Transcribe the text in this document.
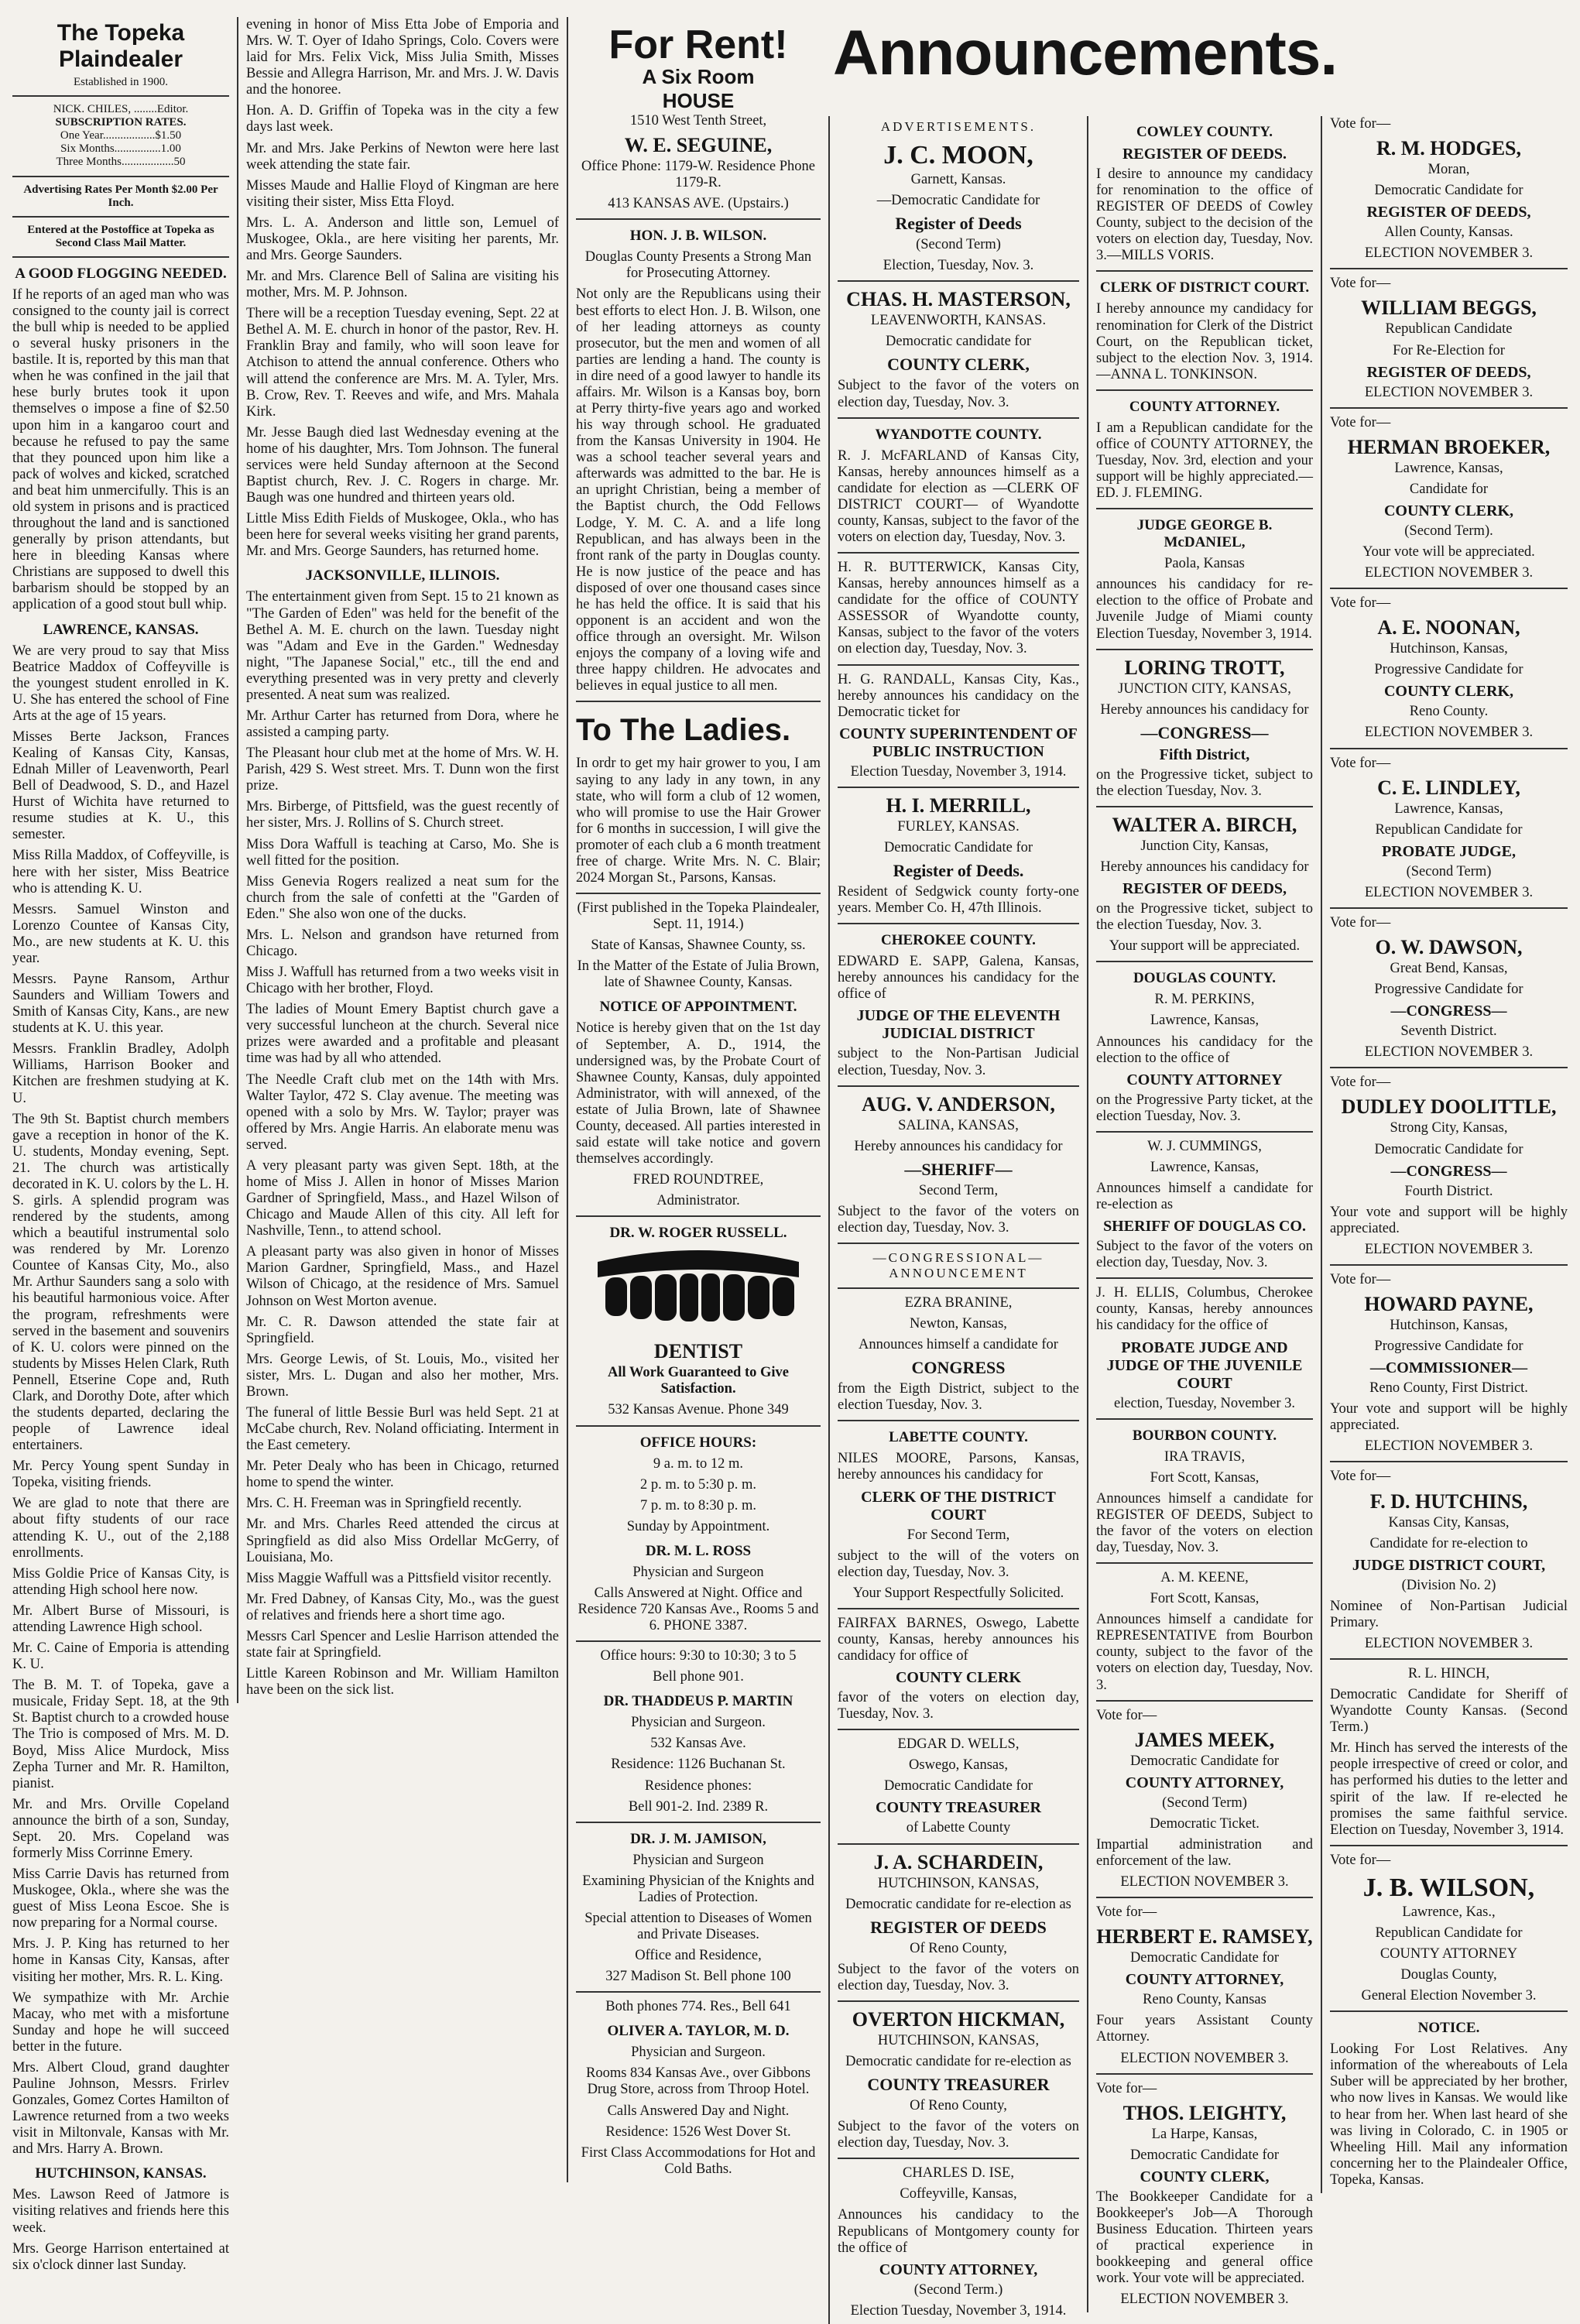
The Topeka Plaindealer

Established in 1900.

NICK. CHILES, ........Editor.

SUBSCRIPTION RATES.

One Year..................$1.50

Six Months................1.00

Three Months..................50

Advertising Rates Per Month $2.00 Per Inch.

Entered at the Postoffice at Topeka as Second Class Mail Matter.

A GOOD FLOGGING NEEDED.

If he reports of an aged man who was consigned to the county jail is correct the bull whip is needed to be applied o several husky prisoners in the bastile. It is, reported by this man that when he was confined in the jail that hese burly brutes took it upon themselves o impose a fine of $2.50 upon him in a kangaroo court and because he refused to pay the same that they pounced upon him like a pack of wolves and kicked, scratched and beat him unmercifully. This is an old system in prisons and is practiced throughout the land and is sanctioned generally by prison attendants, but here in bleeding Kansas where Christians are supposed to dwell this barbarism should be stopped by an application of a good stout bull whip.

LAWRENCE, KANSAS.

We are very proud to say that Miss Beatrice Maddox of Coffeyville is the youngest student enrolled in K. U. She has entered the school of Fine Arts at the age of 15 years.

Misses Berte Jackson, Frances Kealing of Kansas City, Kansas, Ednah Miller of Leavenworth, Pearl Bell of Deadwood, S. D., and Hazel Hurst of Wichita have returned to resume studies at K. U., this semester.

Miss Rilla Maddox, of Coffeyville, is here with her sister, Miss Beatrice who is attending K. U.

Messrs. Samuel Winston and Lorenzo Countee of Kansas City, Mo., are new students at K. U. this year.

Messrs. Payne Ransom, Arthur Saunders and William Towers and Smith of Kansas City, Kans., are new students at K. U. this year.

Messrs. Franklin Bradley, Adolph Williams, Harrison Booker and Kitchen are freshmen studying at K. U.

The 9th St. Baptist church members gave a reception in honor of the K. U. students, Monday evening, Sept. 21. The church was artistically decorated in K. U. colors by the L. H. S. girls. A splendid program was rendered by the students, among which a beautiful instrumental solo was rendered by Mr. Lorenzo Countee of Kansas City, Mo., also Mr. Arthur Saunders sang a solo with his beautiful harmonious voice. After the program, refreshments were served in the basement and souvenirs of K. U. colors were pinned on the students by Misses Helen Clark, Ruth Pennell, Etserine Cope and, Ruth Clark, and Dorothy Dote, after which the students departed, declaring the people of Lawrence ideal entertainers.

Mr. Percy Young spent Sunday in Topeka, visiting friends.

We are glad to note that there are about fifty students of our race attending K. U., out of the 2,188 enrollments.

Miss Goldie Price of Kansas City, is attending High school here now.

Mr. Albert Burse of Missouri, is attending Lawrence High school.

Mr. C. Caine of Emporia is attending K. U.

The B. M. T. of Topeka, gave a musicale, Friday Sept. 18, at the 9th St. Baptist church to a crowded house The Trio is composed of Mrs. M. D. Boyd, Miss Alice Murdock, Miss Zepha Turner and Mr. R. Hamilton, pianist.

Mr. and Mrs. Orville Copeland announce the birth of a son, Sunday, Sept. 20. Mrs. Copeland was formerly Miss Corrinne Emery.

Miss Carrie Davis has returned from Muskogee, Okla., where she was the guest of Miss Leona Escoe. She is now preparing for a Normal course.

Mrs. J. P. King has returned to her home in Kansas City, Kansas, after visiting her mother, Mrs. R. L. King.

We sympathize with Mr. Archie Macay, who met with a misfortune Sunday and hope he will succeed better in the future.

Mrs. Albert Cloud, grand daughter Pauline Johnson, Messrs. Frirlev Gonzales, Gomez Cortes Hamilton of Lawrence returned from a two weeks visit in Miltonvale, Kansas with Mr. and Mrs. Harry A. Brown.

HUTCHINSON, KANSAS.

Mes. Lawson Reed of Jatmore is visiting relatives and friends here this week.

Mrs. George Harrison entertained at six o'clock dinner last Sunday.

evening in honor of Miss Etta Jobe of Emporia and Mrs. W. T. Oyer of Idaho Springs, Colo. Covers were laid for Mrs. Felix Vick, Miss Julia Smith, Misses Bessie and Allegra Harrison, Mr. and Mrs. J. W. Davis and the honoree.

Hon. A. D. Griffin of Topeka was in the city a few days last week.

Mr. and Mrs. Jake Perkins of Newton were here last week attending the state fair.

Misses Maude and Hallie Floyd of Kingman are here visiting their sister, Miss Etta Floyd.

Mrs. L. A. Anderson and little son, Lemuel of Muskogee, Okla., are here visiting her parents, Mr. and Mrs. George Saunders.

Mr. and Mrs. Clarence Bell of Salina are visiting his mother, Mrs. M. P. Johnson.

There will be a reception Tuesday evening, Sept. 22 at Bethel A. M. E. church in honor of the pastor, Rev. H. Franklin Bray and family, who will soon leave for Atchison to attend the annual conference. Others who will attend the conference are Mrs. M. A. Tyler, Mrs. B. Crow, Rev. T. Reeves and wife, and Mrs. Mahala Kirk.

Mr. Jesse Baugh died last Wednesday evening at the home of his daughter, Mrs. Tom Johnson. The funeral services were held Sunday afternoon at the Second Baptist church, Rev. J. C. Rogers in charge. Mr. Baugh was one hundred and thirteen years old.

Little Miss Edith Fields of Muskogee, Okla., who has been here for several weeks visiting her grand parents, Mr. and Mrs. George Saunders, has returned home.

JACKSONVILLE, ILLINOIS.

The entertainment given from Sept. 15 to 21 known as "The Garden of Eden" was held for the benefit of the Bethel A. M. E. church on the lawn. Tuesday night was "Adam and Eve in the Garden." Wednesday night, "The Japanese Social," etc., till the end and everything presented was in very pretty and cleverly presented. A neat sum was realized.

Mr. Arthur Carter has returned from Dora, where he assisted a camping party.

The Pleasant hour club met at the home of Mrs. W. H. Parish, 429 S. West street. Mrs. T. Dunn won the first prize.

Mrs. Birberge, of Pittsfield, was the guest recently of her sister, Mrs. J. Rollins of S. Church street.

Miss Dora Waffull is teaching at Carso, Mo. She is well fitted for the position.

Miss Genevia Rogers realized a neat sum for the church from the sale of confetti at the "Garden of Eden." She also won one of the ducks.

Mrs. L. Nelson and grandson have returned from Chicago.

Miss J. Waffull has returned from a two weeks visit in Chicago with her brother, Floyd.

The ladies of Mount Emery Baptist church gave a very successful luncheon at the church. Several nice prizes were awarded and a profitable and pleasant time was had by all who attended.

The Needle Craft club met on the 14th with Mrs. Walter Taylor, 472 S. Clay avenue. The meeting was opened with a solo by Mrs. W. Taylor; prayer was offered by Mrs. Angie Harris. An elaborate menu was served.

A very pleasant party was given Sept. 18th, at the home of Miss J. Allen in honor of Misses Marion Gardner of Springfield, Mass., and Hazel Wilson of Chicago and Maude Allen of this city. All left for Nashville, Tenn., to attend school.

A pleasant party was also given in honor of Misses Marion Gardner, Springfield, Mass., and Hazel Wilson of Chicago, at the residence of Mrs. Samuel Johnson on West Morton avenue.

Mr. C. R. Dawson attended the state fair at Springfield.

Mrs. George Lewis, of St. Louis, Mo., visited her sister, Mrs. L. Dugan and also her mother, Mrs. Brown.

The funeral of little Bessie Burl was held Sept. 21 at McCabe church, Rev. Noland officiating. Interment in the East cemetery.

Mr. Peter Dealy who has been in Chicago, returned home to spend the winter.

Mrs. C. H. Freeman was in Springfield recently.

Mr. and Mrs. Charles Reed attended the circus at Springfield as did also Miss Ordellar McGerry, of Louisiana, Mo.

Miss Maggie Waffull was a Pittsfield visitor recently.

Mr. Fred Dabney, of Kansas City, Mo., was the guest of relatives and friends here a short time ago.

Messrs Carl Spencer and Leslie Harrison attended the state fair at Springfield.

Little Kareen Robinson and Mr. William Hamilton have been on the sick list.

For Rent!
A Six Room
HOUSE

1510 West Tenth Street,

W. E. SEGUINE,

Office Phone: 1179-W. Residence Phone 1179-R.

413 KANSAS AVE. (Upstairs.)

HON. J. B. WILSON.

Douglas County Presents a Strong Man for Prosecuting Attorney.

Not only are the Republicans using their best efforts to elect Hon. J. B. Wilson, one of her leading attorneys as county prosecutor, but the men and women of all parties are lending a hand. The county is in dire need of a good lawyer to handle its affairs. Mr. Wilson is a Kansas boy, born at Perry thirty-five years ago and worked his way through school. He graduated from the Kansas University in 1904. He was a school teacher several years and afterwards was admitted to the bar. He is an upright Christian, being a member of the Baptist church, the Odd Fellows Lodge, Y. M. C. A. and a life long Republican, and has always been in the front rank of the party in Douglas county. He is now justice of the peace and has disposed of over one thousand cases since he has held the office. It is said that his opponent is an accident and won the office through an oversight. Mr. Wilson enjoys the company of a loving wife and three happy children. He advocates and believes in equal justice to all men.

To The Ladies.

In ordr to get my hair grower to you, I am saying to any lady in any town, in any state, who will form a club of 12 women, who will promise to use the Hair Grower for 6 months in succession, I will give the promoter of each club a 6 month treatment free of charge. Write Mrs. N. C. Blair; 2024 Morgan St., Parsons, Kansas.

(First published in the Topeka Plaindealer, Sept. 11, 1914.)

State of Kansas, Shawnee County, ss.

In the Matter of the Estate of Julia Brown, late of Shawnee County, Kansas.

NOTICE OF APPOINTMENT.

Notice is hereby given that on the 1st day of September, A. D., 1914, the undersigned was, by the Probate Court of Shawnee County, Kansas, duly appointed Administrator, with will annexed, of the estate of Julia Brown, late of Shawnee County, deceased. All parties interested in said estate will take notice and govern themselves accordingly.

FRED ROUNDTREE,

Administrator.

DR. W. ROGER RUSSELL.
DENTIST

All Work Guaranteed to Give Satisfaction.

532 Kansas Avenue. Phone 349

OFFICE HOURS:

9 a. m. to 12 m.

2 p. m. to 5:30 p. m.

7 p. m. to 8:30 p. m.

Sunday by Appointment.

DR. M. L. ROSS

Physician and Surgeon

Calls Answered at Night. Office and Residence 720 Kansas Ave., Rooms 5 and 6. PHONE 3387.

Office hours: 9:30 to 10:30; 3 to 5

Bell phone 901.

DR. THADDEUS P. MARTIN

Physician and Surgeon.

532 Kansas Ave.

Residence: 1126 Buchanan St.

Residence phones:

Bell 901-2. Ind. 2389 R.

DR. J. M. JAMISON,

Physician and Surgeon

Examining Physician of the Knights and Ladies of Protection.

Special attention to Diseases of Women and Private Diseases.

Office and Residence,

327 Madison St. Bell phone 100

Both phones 774. Res., Bell 641

OLIVER A. TAYLOR, M. D.

Physician and Surgeon.

Rooms 834 Kansas Ave., over Gibbons Drug Store, across from Throop Hotel.

Calls Answered Day and Night.

Residence: 1526 West Dover St.

First Class Accommodations for Hot and Cold Baths.

Announcements.
ADVERTISEMENTS.
J. C. MOON,

Garnett, Kansas.

—Democratic Candidate for

Register of Deeds

(Second Term)

Election, Tuesday, Nov. 3.

CHAS. H. MASTERSON,

LEAVENWORTH, KANSAS.

Democratic candidate for

COUNTY CLERK,

Subject to the favor of the voters on election day, Tuesday, Nov. 3.

WYANDOTTE COUNTY.

R. J. McFARLAND of Kansas City, Kansas, hereby announces himself as a candidate for election as —CLERK OF DISTRICT COURT— of Wyandotte county, Kansas, subject to the favor of the voters on election day, Tuesday, Nov. 3.

H. R. BUTTERWICK, Kansas City, Kansas, hereby announces himself as a candidate for the office of COUNTY ASSESSOR of Wyandotte county, Kansas, subject to the favor of the voters on election day, Tuesday, Nov. 3.

H. G. RANDALL, Kansas City, Kas., hereby announces his candidacy on the Democratic ticket for

COUNTY SUPERINTENDENT OF PUBLIC INSTRUCTION

Election Tuesday, November 3, 1914.

H. I. MERRILL,

FURLEY, KANSAS.

Democratic Candidate for

Register of Deeds.

Resident of Sedgwick county forty-one years. Member Co. H, 47th Illinois.

CHEROKEE COUNTY.

EDWARD E. SAPP, Galena, Kansas, hereby announces his candidacy for the office of

JUDGE OF THE ELEVENTH JUDICIAL DISTRICT

subject to the Non-Partisan Judicial election, Tuesday, Nov. 3.

AUG. V. ANDERSON,

SALINA, KANSAS,

Hereby announces his candidacy for

—SHERIFF—

Second Term,

Subject to the favor of the voters on election day, Tuesday, Nov. 3.

—CONGRESSIONAL— ANNOUNCEMENT

EZRA BRANINE,

Newton, Kansas,

Announces himself a candidate for

CONGRESS

from the Eigth District, subject to the election Tuesday, Nov. 3.

LABETTE COUNTY.

NILES MOORE, Parsons, Kansas, hereby announces his candidacy for

CLERK OF THE DISTRICT COURT

For Second Term,

subject to the will of the voters on election day, Tuesday, Nov. 3.

Your Support Respectfully Solicited.

FAIRFAX BARNES, Oswego, Labette county, Kansas, hereby announces his candidacy for office of

COUNTY CLERK

favor of the voters on election day, Tuesday, Nov. 3.

EDGAR D. WELLS,

Oswego, Kansas,

Democratic Candidate for

COUNTY TREASURER

of Labette County

J. A. SCHARDEIN,

HUTCHINSON, KANSAS,

Democratic candidate for re-election as

REGISTER OF DEEDS

Of Reno County,

Subject to the favor of the voters on election day, Tuesday, Nov. 3.

OVERTON HICKMAN,

HUTCHINSON, KANSAS,

Democratic candidate for re-election as

COUNTY TREASURER

Of Reno County,

Subject to the favor of the voters on election day, Tuesday, Nov. 3.

CHARLES D. ISE,

Coffeyville, Kansas,

Announces his candidacy to the Republicans of Montgomery county for the office of

COUNTY ATTORNEY,

(Second Term.)

Election Tuesday, November 3, 1914.

COWLEY COUNTY.
REGISTER OF DEEDS.

I desire to announce my candidacy for renomination to the office of REGISTER OF DEEDS of Cowley County, subject to the decision of the voters on election day, Tuesday, Nov. 3.—MILLS VORIS.

CLERK OF DISTRICT COURT.

I hereby announce my candidacy for renomination for Clerk of the District Court, on the Republican ticket, subject to the election Nov. 3, 1914.—ANNA L. TONKINSON.

COUNTY ATTORNEY.

I am a Republican candidate for the office of COUNTY ATTORNEY, the Tuesday, Nov. 3rd, election and your support will be highly appreciated.—ED. J. FLEMING.

JUDGE GEORGE B. McDANIEL,

Paola, Kansas

announces his candidacy for re-election to the office of Probate and Juvenile Judge of Miami county Election Tuesday, November 3, 1914.

LORING TROTT,

JUNCTION CITY, KANSAS,

Hereby announces his candidacy for

—CONGRESS—
Fifth District,

on the Progressive ticket, subject to the election Tuesday, Nov. 3.

WALTER A. BIRCH,

Junction City, Kansas,

Hereby announces his candidacy for

REGISTER OF DEEDS,

on the Progressive ticket, subject to the election Tuesday, Nov. 3.

Your support will be appreciated.

DOUGLAS COUNTY.

R. M. PERKINS,

Lawrence, Kansas,

Announces his candidacy for the election to the office of

COUNTY ATTORNEY

on the Progressive Party ticket, at the election Tuesday, Nov. 3.

W. J. CUMMINGS,

Lawrence, Kansas,

Announces himself a candidate for re-election as

SHERIFF OF DOUGLAS CO.

Subject to the favor of the voters on election day, Tuesday, Nov. 3.

J. H. ELLIS, Columbus, Cherokee county, Kansas, hereby announces his candidacy for the office of

PROBATE JUDGE AND JUDGE OF THE JUVENILE COURT

election, Tuesday, November 3.

BOURBON COUNTY.

IRA TRAVIS,

Fort Scott, Kansas,

Announces himself a candidate for REGISTER OF DEEDS, Subject to the favor of the voters on election day, Tuesday, Nov. 3.

A. M. KEENE,

Fort Scott, Kansas,

Announces himself a candidate for REPRESENTATIVE from Bourbon county, subject to the favor of the voters on election day, Tuesday, Nov. 3.

Vote for—

JAMES MEEK,

Democratic Candidate for

COUNTY ATTORNEY,

(Second Term)

Democratic Ticket.

Impartial administration and enforcement of the law.

ELECTION NOVEMBER 3.

Vote for—

HERBERT E. RAMSEY,

Democratic Candidate for

COUNTY ATTORNEY,

Reno County, Kansas

Four years Assistant County Attorney.

ELECTION NOVEMBER 3.

Vote for—

THOS. LEIGHTY,

La Harpe, Kansas,

Democratic Candidate for

COUNTY CLERK,

The Bookkeeper Candidate for a Bookkeeper's Job—A Thorough Business Education. Thirteen years of practical experience in bookkeeping and general office work. Your vote will be appreciated.

ELECTION NOVEMBER 3.

Vote for—

R. M. HODGES,

Moran,

Democratic Candidate for

REGISTER OF DEEDS,

Allen County, Kansas.

ELECTION NOVEMBER 3.

Vote for—

WILLIAM BEGGS,

Republican Candidate

For Re-Election for

REGISTER OF DEEDS,

ELECTION NOVEMBER 3.

Vote for—

HERMAN BROEKER,

Lawrence, Kansas,

Candidate for

COUNTY CLERK,

(Second Term).

Your vote will be appreciated.

ELECTION NOVEMBER 3.

Vote for—

A. E. NOONAN,

Hutchinson, Kansas,

Progressive Candidate for

COUNTY CLERK,

Reno County.

ELECTION NOVEMBER 3.

Vote for—

C. E. LINDLEY,

Lawrence, Kansas,

Republican Candidate for

PROBATE JUDGE,

(Second Term)

ELECTION NOVEMBER 3.

Vote for—

O. W. DAWSON,

Great Bend, Kansas,

Progressive Candidate for

—CONGRESS—

Seventh District.

ELECTION NOVEMBER 3.

Vote for—

DUDLEY DOOLITTLE,

Strong City, Kansas,

Democratic Candidate for

—CONGRESS—

Fourth District.

Your vote and support will be highly appreciated.

ELECTION NOVEMBER 3.

Vote for—

HOWARD PAYNE,

Hutchinson, Kansas,

Progressive Candidate for

—COMMISSIONER—

Reno County, First District.

Your vote and support will be highly appreciated.

ELECTION NOVEMBER 3.

Vote for—

F. D. HUTCHINS,

Kansas City, Kansas,

Candidate for re-election to

JUDGE DISTRICT COURT,

(Division No. 2)

Nominee of Non-Partisan Judicial Primary.

ELECTION NOVEMBER 3.

R. L. HINCH,

Democratic Candidate for Sheriff of Wyandotte County Kansas. (Second Term.)

Mr. Hinch has served the interests of the people irrespective of creed or color, and has performed his duties to the letter and spirit of the law. If re-elected he promises the same faithful service. Election on Tuesday, November 3, 1914.

Vote for—

J. B. WILSON,

Lawrence, Kas.,

Republican Candidate for

COUNTY ATTORNEY

Douglas County,

General Election November 3.

NOTICE.

Looking For Lost Relatives. Any information of the whereabouts of Lela Suber will be appreciated by her brother, who now lives in Kansas. We would like to hear from her. When last heard of she was living in Colorado, C. in 1905 or Wheeling Hill. Mail any information concerning her to the Plaindealer Office, Topeka, Kansas.
